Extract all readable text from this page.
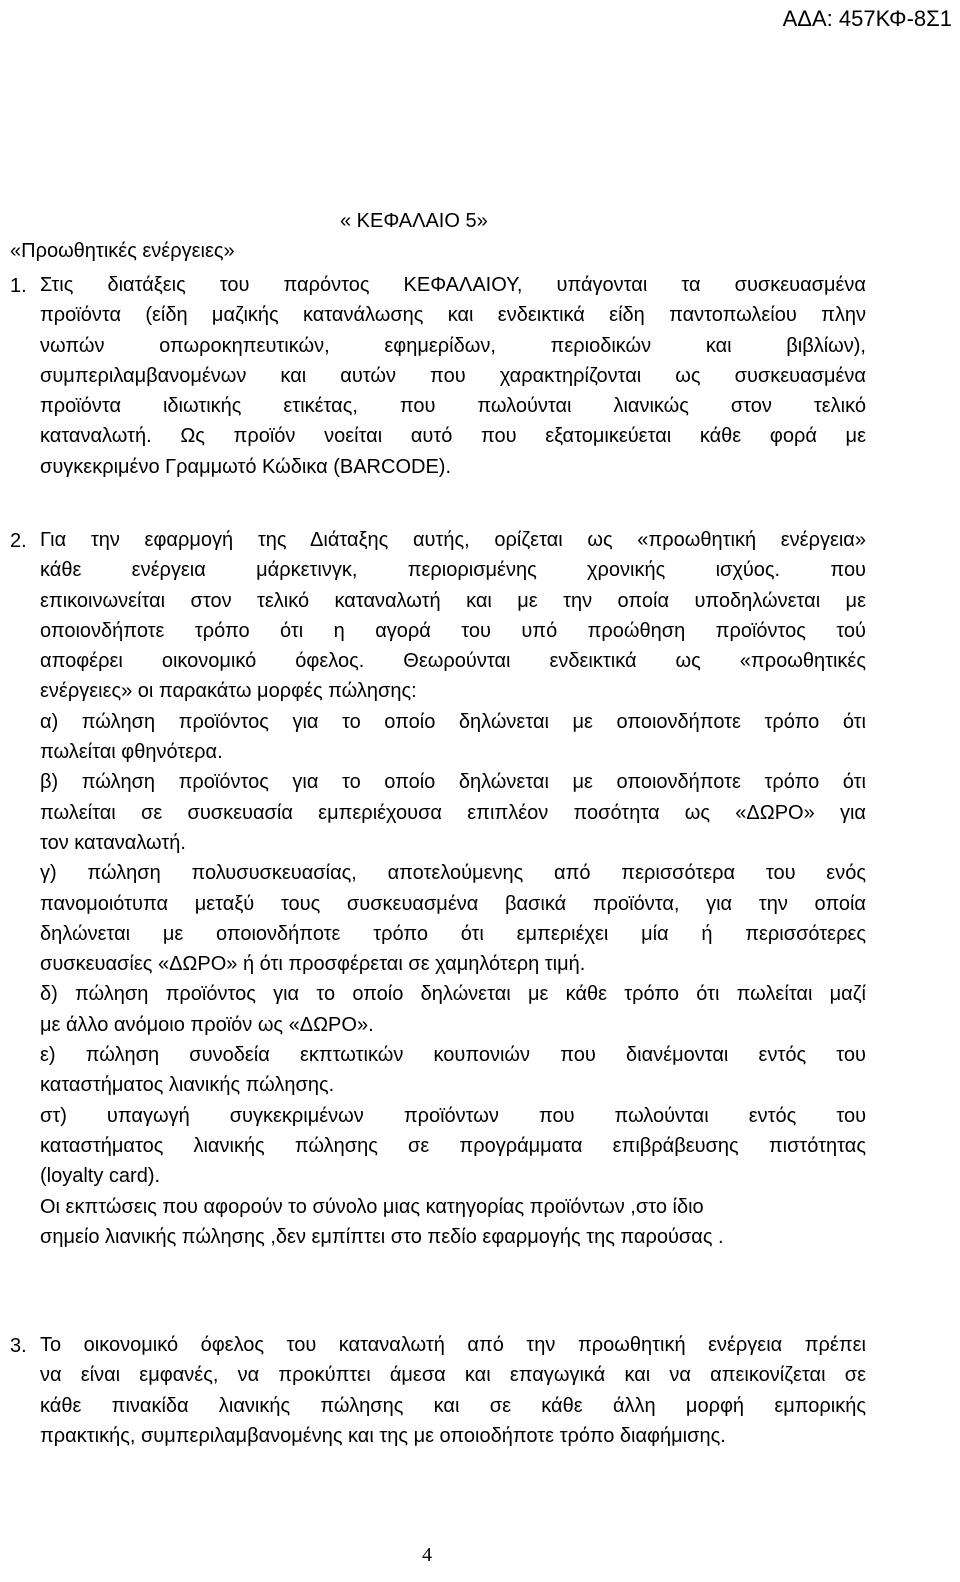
ΑΔΑ: 457ΚΦ-8Σ1
« ΚΕΦΑΛΑΙΟ 5»
«Προωθητικές ενέργειες»
1. Στις διατάξεις του παρόντος ΚΕΦΑΛΑΙΟΥ, υπάγονται τα συσκευασμένα
προϊόντα (είδη μαζικής κατανάλωσης και ενδεικτικά είδη παντοπωλείου πλην
νωπών οπωροκηπευτικών, εφημερίδων, περιοδικών και βιβλίων),
συμπεριλαμβανομένων και αυτών που χαρακτηρίζονται ως συσκευασμένα
προϊόντα ιδιωτικής ετικέτας, που πωλούνται λιανικώς στον τελικό
καταναλωτή. Ως προϊόν νοείται αυτό που εξατομικεύεται κάθε φορά με
συγκεκριμένο Γραμμωτό Κώδικα (BARCODE).
2. Για την εφαρμογή της Διάταξης αυτής, ορίζεται ως «προωθητική ενέργεια»
κάθε ενέργεια μάρκετινγκ, περιορισμένης χρονικής ισχύος. που
επικοινωνείται στον τελικό καταναλωτή και με την οποία υποδηλώνεται με
οποιονδήποτε τρόπο ότι η αγορά του υπό προώθηση προϊόντος τού
αποφέρει οικονομικό όφελος. Θεωρούνται ενδεικτικά ως «προωθητικές
ενέργειες» οι παρακάτω μορφές πώλησης:
α) πώληση προϊόντος για το οποίο δηλώνεται με οποιονδήποτε τρόπο ότι
πωλείται φθηνότερα.
β) πώληση προϊόντος για το οποίο δηλώνεται με οποιονδήποτε τρόπο ότι
πωλείται σε συσκευασία εμπεριέχουσα επιπλέον ποσότητα ως «ΔΩΡΟ» για
τον καταναλωτή.
γ) πώληση πολυσυσκευασίας, αποτελούμενης από περισσότερα του ενός
πανομοιότυπα μεταξύ τους συσκευασμένα βασικά προϊόντα, για την οποία
δηλώνεται με οποιονδήποτε τρόπο ότι εμπεριέχει μία ή περισσότερες
συσκευασίες «ΔΩΡΟ» ή ότι προσφέρεται σε χαμηλότερη τιμή.
δ) πώληση προϊόντος για το οποίο δηλώνεται με κάθε τρόπο ότι πωλείται μαζί
με άλλο ανόμοιο προϊόν ως «ΔΩΡΟ».
ε) πώληση συνοδεία εκπτωτικών κουπονιών που διανέμονται εντός του
καταστήματος λιανικής πώλησης.
στ) υπαγωγή συγκεκριμένων προϊόντων που πωλούνται εντός του
καταστήματος λιανικής πώλησης σε προγράμματα επιβράβευσης πιστότητας
(loyalty card).
Οι εκπτώσεις που αφορούν το σύνολο μιας κατηγορίας προϊόντων ,στο ίδιο
σημείο λιανικής πώλησης ,δεν εμπίπτει στο πεδίο εφαρμογής της παρούσας .
3. Το οικονομικό όφελος του καταναλωτή από την προωθητική ενέργεια πρέπει
να είναι εμφανές, να προκύπτει άμεσα και επαγωγικά και να απεικονίζεται σε
κάθε πινακίδα λιανικής πώλησης και σε κάθε άλλη μορφή εμπορικής
πρακτικής, συμπεριλαμβανομένης και της με οποιοδήποτε τρόπο διαφήμισης.
4
